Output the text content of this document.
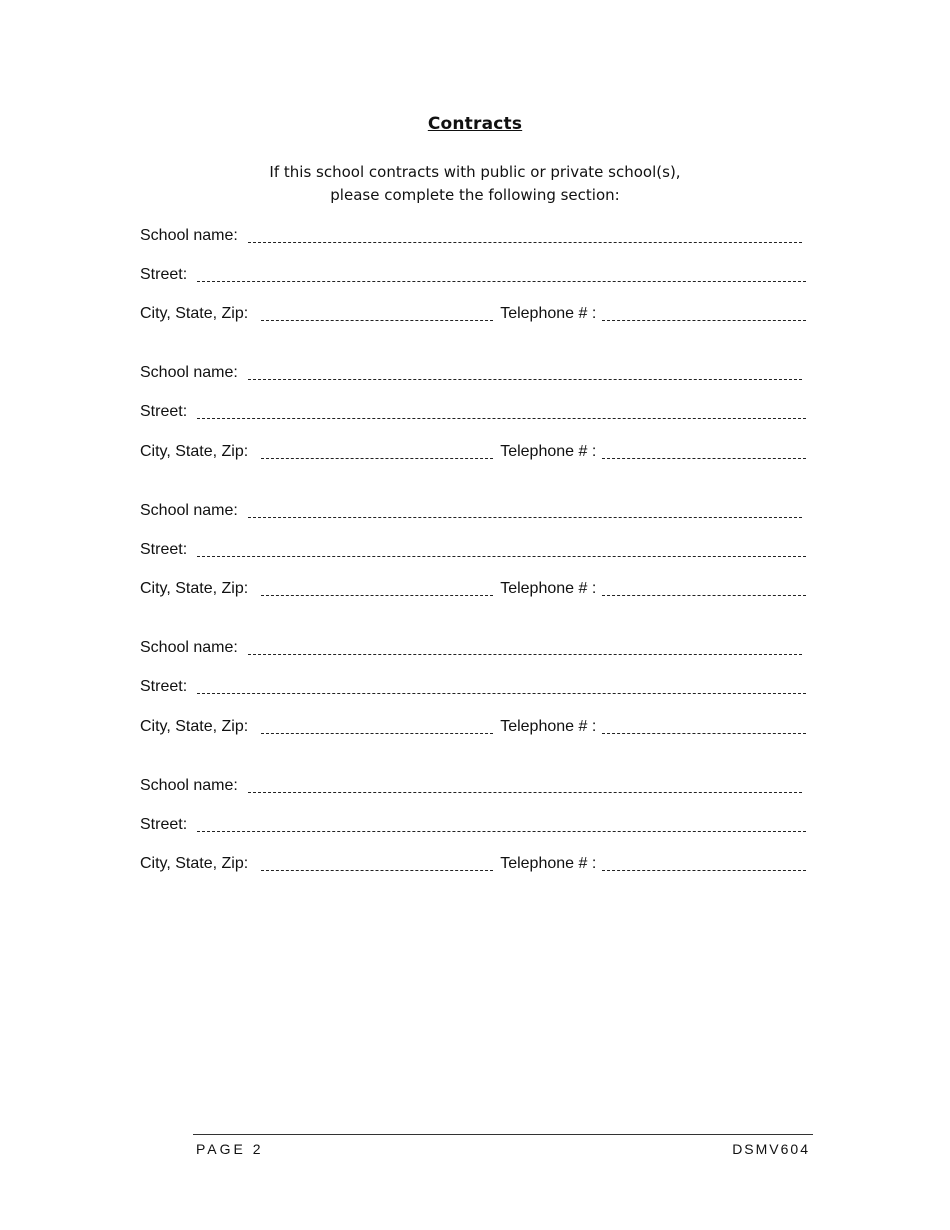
Contracts
If this school contracts with public or private school(s),
please complete the following section:
School name:
Street:
City, State, Zip:	Telephone # :
School name:
Street:
City, State, Zip:	Telephone # :
School name:
Street:
City, State, Zip:	Telephone # :
School name:
Street:
City, State, Zip:	Telephone # :
School name:
Street:
City, State, Zip:	Telephone # :
PAGE 2	DSMV604
